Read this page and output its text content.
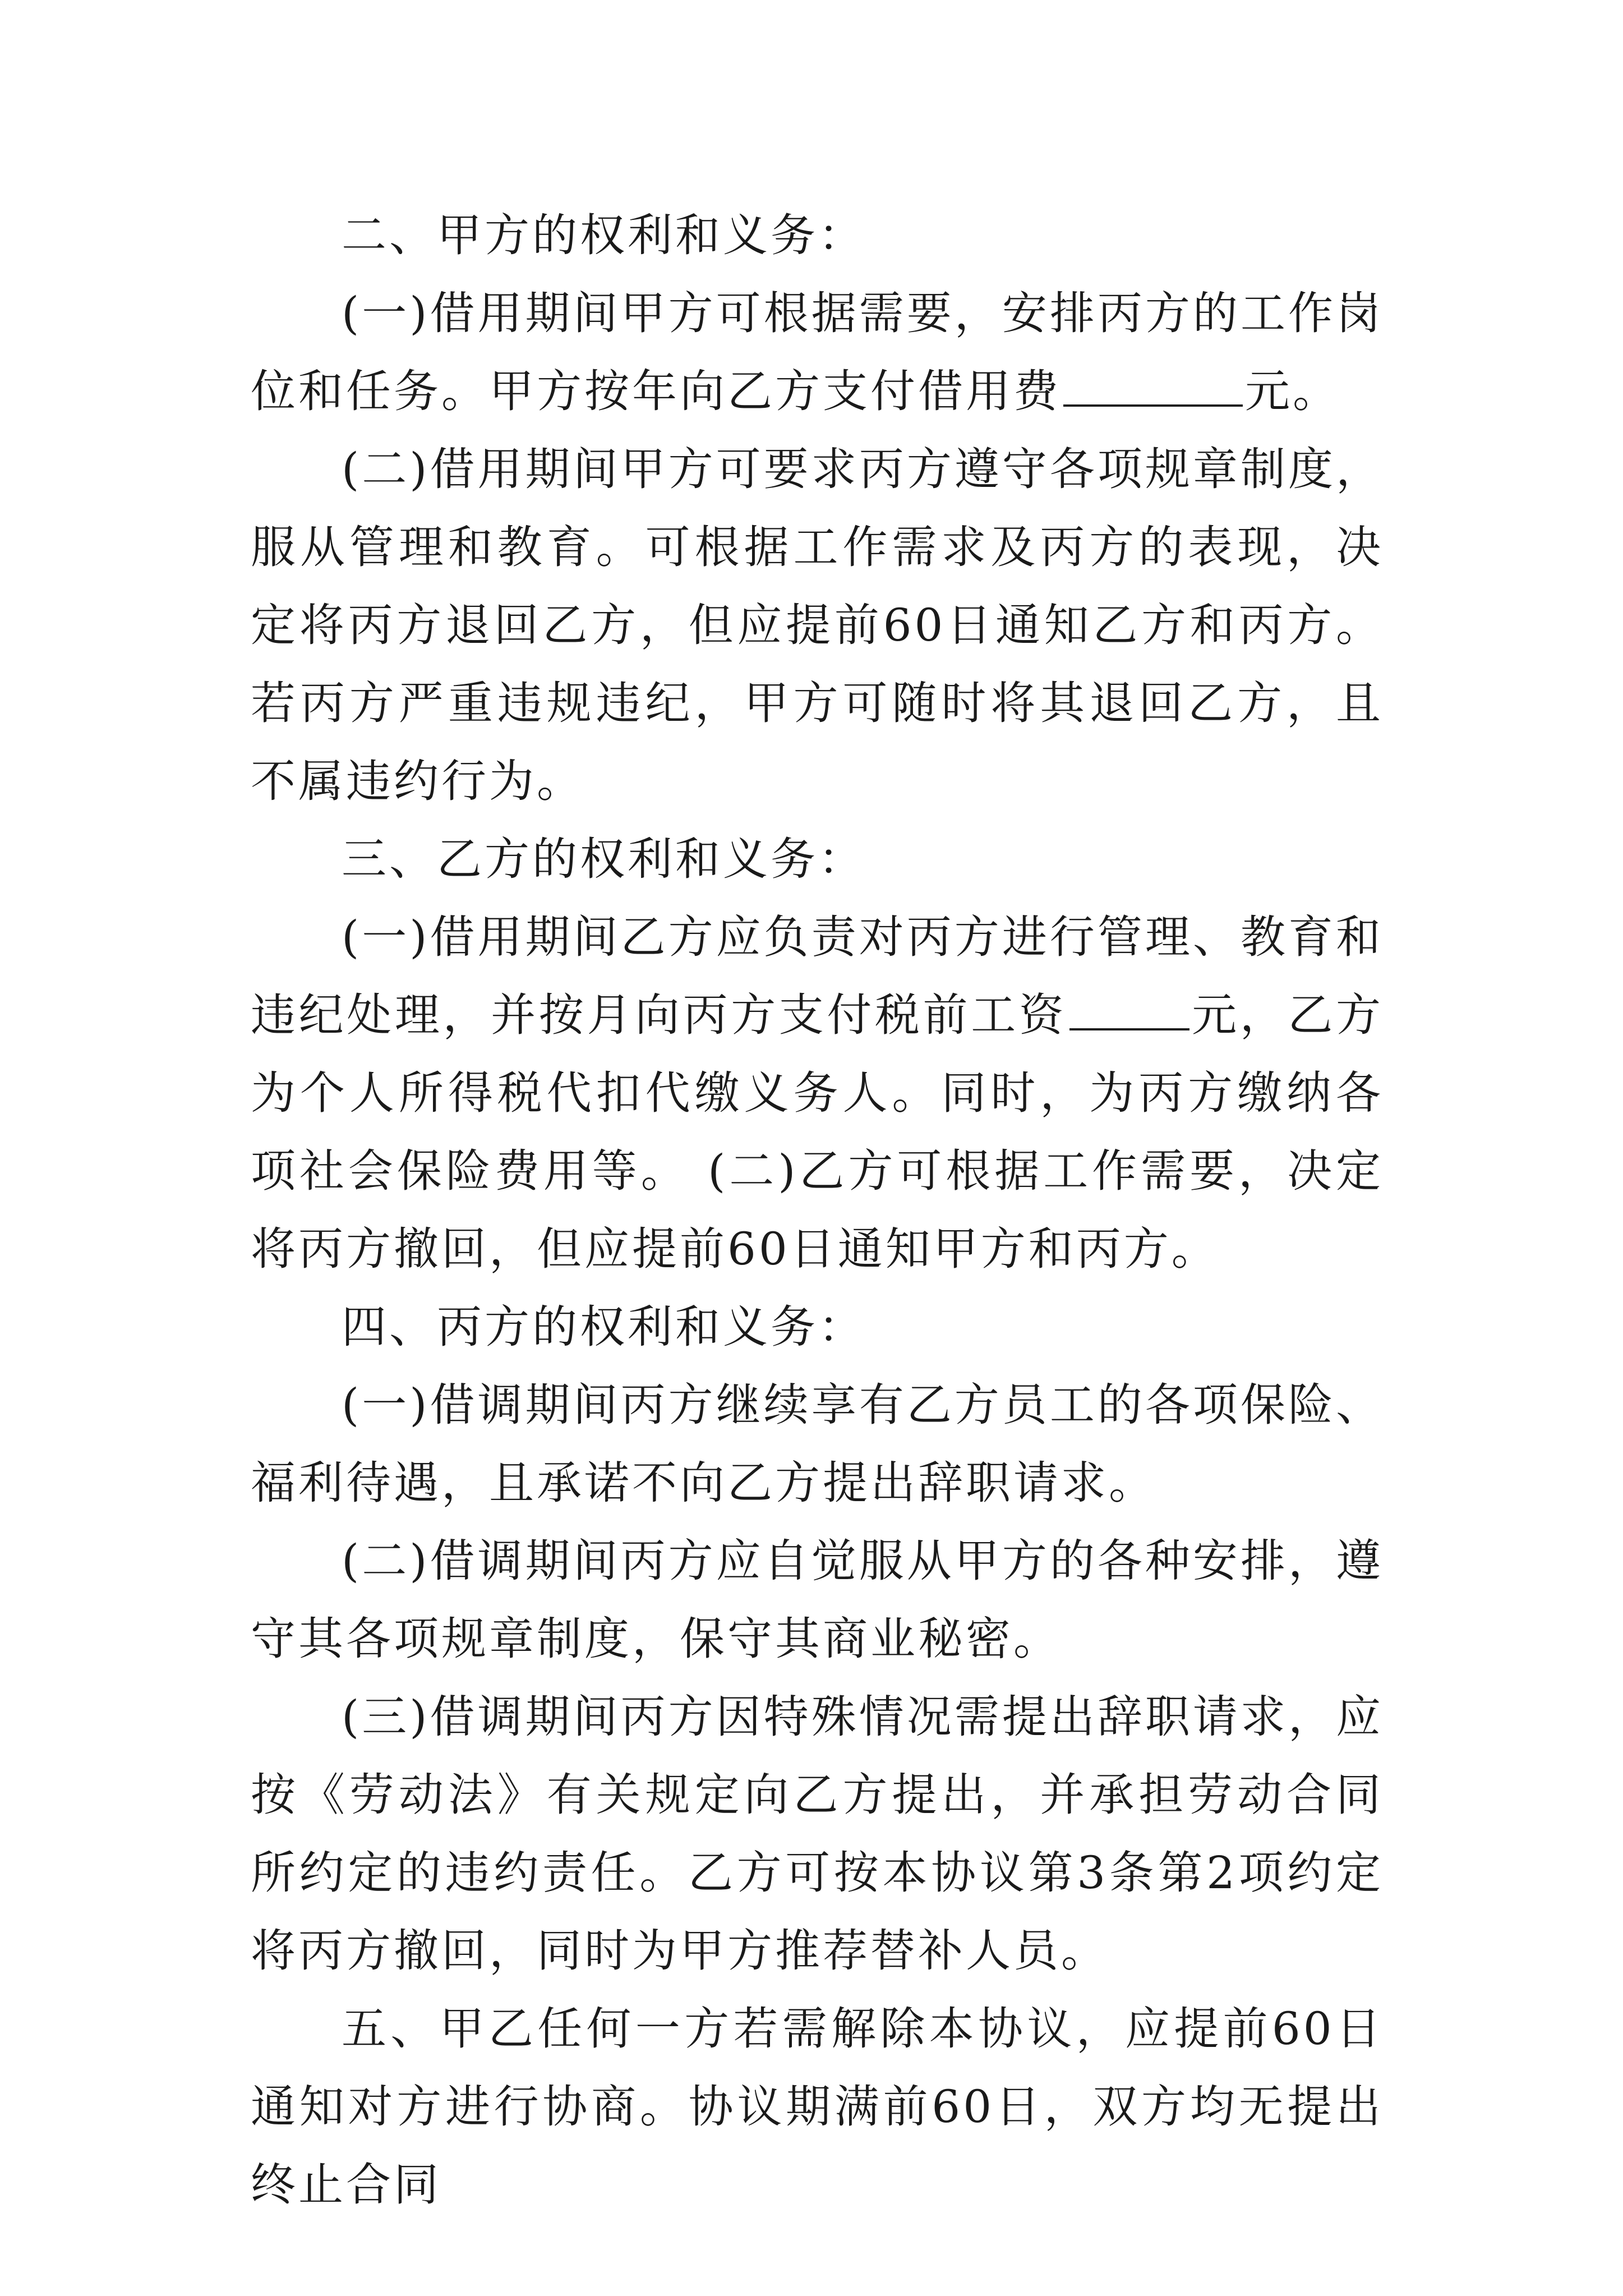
二、甲方的权利和义务：

(一)借用期间甲方可根据需要，安排丙方的工作岗位和任务。甲方按年向乙方支付借用费	元。

(二)借用期间甲方可要求丙方遵守各项规章制度，服从管理和教育。可根据工作需求及丙方的表现，决定将丙方退回乙方，但应提前60日通知乙方和丙方。若丙方严重违规违纪，甲方可随时将其退回乙方，且不属违约行为。

三、乙方的权利和义务：

(一)借用期间乙方应负责对丙方进行管理、教育和违纪处理，并按月向丙方支付税前工资	元，乙方为个人所得税代扣代缴义务人。同时，为丙方缴纳各项社会保险费用等。 (二)乙方可根据工作需要，决定将丙方撤回，但应提前60日通知甲方和丙方。

四、丙方的权利和义务：

(一)借调期间丙方继续享有乙方员工的各项保险、福利待遇，且承诺不向乙方提出辞职请求。

(二)借调期间丙方应自觉服从甲方的各种安排，遵守其各项规章制度，保守其商业秘密。

(三)借调期间丙方因特殊情况需提出辞职请求，应按《劳动法》有关规定向乙方提出，并承担劳动合同所约定的违约责任。乙方可按本协议第3条第2项约定将丙方撤回，同时为甲方推荐替补人员。

五、甲乙任何一方若需解除本协议，应提前60日通知对方进行协商。协议期满前60日，双方均无提出终止合同
